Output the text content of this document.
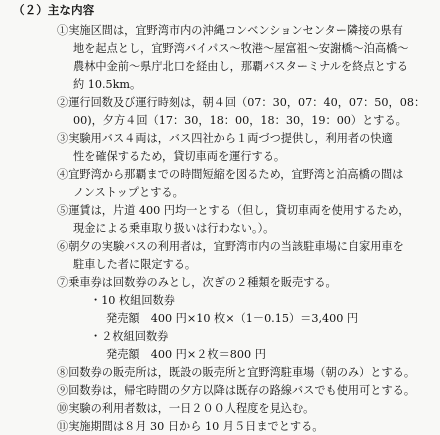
（２）主な内容
①実施区間は，宜野湾市内の沖縄コンベンションセンター隣接の県有
地を起点とし，宜野湾バイパス～牧港～屋富祖～安謝橋～泊高橋～
農林中金前～県庁北口を経由し，那覇バスターミナルを終点とする
約 10.5km。
②運行回数及び運行時刻は，朝４回（07：30，07：40，07：50，08：
00)，夕方４回（17：30，18：00，18：30，19：00）とする。
③実験用バス４両は，バス四社から１両づつ提供し，利用者の快適
性を確保するため，貸切車両を運行する。
④宜野湾から那覇までの時間短縮を図るため，宜野湾と泊高橋の間は
ノンストップとする。
⑤運賃は，片道 400 円均一とする（但し，貸切車両を使用するため，
現金による乗車取り扱いは行わない。）。
⑥朝夕の実験バスの利用者は，宜野湾市内の当該駐車場に自家用車を
駐車した者に限定する。
⑦乗車券は回数券のみとし，次ぎの２種類を販売する。
・10 枚組回数券
発売額　400 円×10 枚×（1－0.15）＝3,400 円
・２枚組回数券
発売額　400 円×２枚＝800 円
⑧回数券の販売所は，既設の販売所と宜野湾駐車場（朝のみ）とする。
⑨回数券は，帰宅時間の夕方以降は既存の路線バスでも使用可とする。
⑩実験の利用者数は，一日２００人程度を見込む。
⑪実施期間は８月 30 日から 10 月５日までとする。
